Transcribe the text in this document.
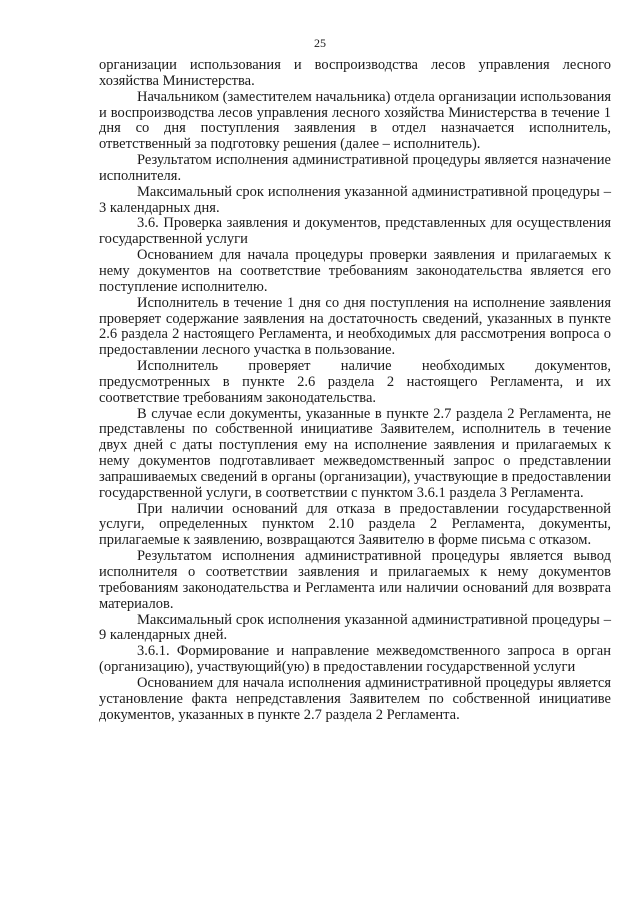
25

организации использования и воспроизводства лесов управления лесного хозяйства Министерства.

Начальником (заместителем начальника) отдела организации использования и воспроизводства лесов управления лесного хозяйства Министерства в течение 1 дня со дня поступления заявления в отдел назначается исполнитель, ответственный за подготовку решения (далее – исполнитель).

Результатом исполнения административной процедуры является назначение исполнителя.

Максимальный срок исполнения указанной административной процедуры – 3 календарных дня.

3.6. Проверка заявления и документов, представленных для осуществления государственной услуги

Основанием для начала процедуры проверки заявления и прилагаемых к нему документов на соответствие требованиям законодательства является его поступление исполнителю.

Исполнитель в течение 1 дня со дня поступления на исполнение заявления проверяет содержание заявления на достаточность сведений, указанных в пункте 2.6 раздела 2 настоящего Регламента, и необходимых для рассмотрения вопроса о предоставлении лесного участка в пользование.

Исполнитель проверяет наличие необходимых документов, предусмотренных в пункте 2.6 раздела 2 настоящего Регламента, и их соответствие требованиям законодательства.

В случае если документы, указанные в пункте 2.7 раздела 2 Регламента, не представлены по собственной инициативе Заявителем, исполнитель в течение двух дней с даты поступления ему на исполнение заявления и прилагаемых к нему документов подготавливает межведомственный запрос о представлении запрашиваемых сведений в органы (организации), участвующие в предоставлении государственной услуги, в соответствии с пунктом 3.6.1 раздела 3 Регламента.

При наличии оснований для отказа в предоставлении государственной услуги, определенных пунктом 2.10 раздела 2 Регламента, документы, прилагаемые к заявлению, возвращаются Заявителю в форме письма с отказом.

Результатом исполнения административной процедуры является вывод исполнителя о соответствии заявления и прилагаемых к нему документов требованиям законодательства и Регламента или наличии оснований для возврата материалов.

Максимальный срок исполнения указанной административной процедуры – 9 календарных дней.

3.6.1. Формирование и направление межведомственного запроса в орган (организацию), участвующий(ую) в предоставлении государственной услуги

Основанием для начала исполнения административной процедуры является установление факта непредставления Заявителем по собственной инициативе документов, указанных в пункте 2.7 раздела 2 Регламента.
